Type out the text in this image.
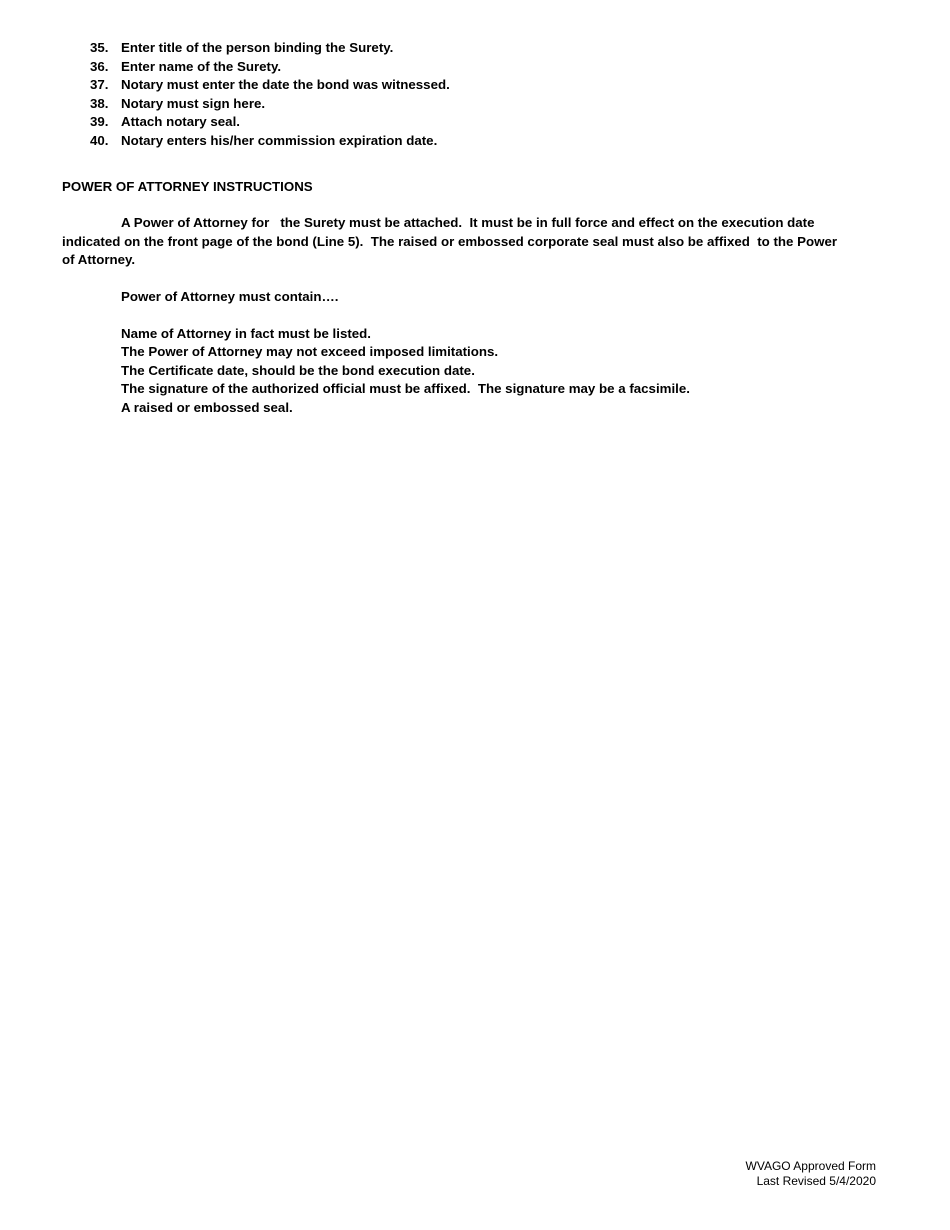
35. Enter title of the person binding the Surety.
36. Enter name of the Surety.
37. Notary must enter the date the bond was witnessed.
38. Notary must sign here.
39. Attach notary seal.
40. Notary enters his/her commission expiration date.
POWER OF ATTORNEY INSTRUCTIONS
A Power of Attorney for   the Surety must be attached.  It must be in full force and effect on the execution date
indicated on the front page of the bond (Line 5).  The raised or embossed corporate seal must also be affixed  to the Power
of Attorney.
Power of Attorney must contain….
Name of Attorney in fact must be listed.
The Power of Attorney may not exceed imposed limitations.
The Certificate date, should be the bond execution date.
The signature of the authorized official must be affixed.  The signature may be a facsimile.
A raised or embossed seal.
WVAGO Approved Form
Last Revised 5/4/2020
